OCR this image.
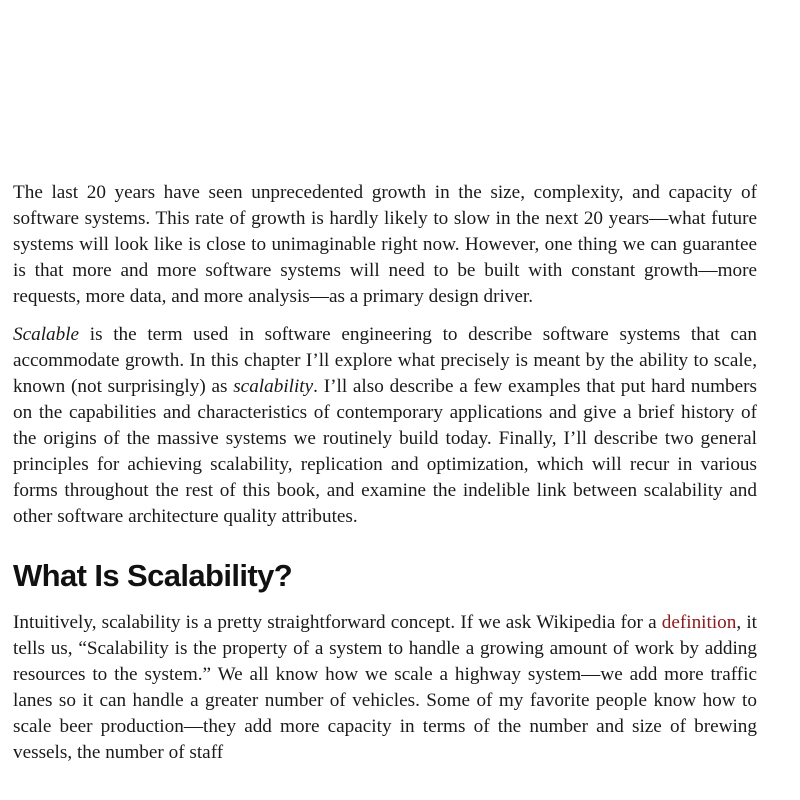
The last 20 years have seen unprecedented growth in the size, complexity, and capacity of software systems. This rate of growth is hardly likely to slow in the next 20 years—what future systems will look like is close to unimaginable right now. However, one thing we can guarantee is that more and more software systems will need to be built with constant growth—more requests, more data, and more analysis—as a primary design driver.

Scalable is the term used in software engineering to describe software systems that can accommodate growth. In this chapter I’ll explore what precisely is meant by the ability to scale, known (not surprisingly) as scalability. I’ll also describe a few examples that put hard numbers on the capabilities and characteristics of contemporary applications and give a brief history of the origins of the massive systems we routinely build today. Finally, I’ll describe two general principles for achieving scalability, replication and optimization, which will recur in various forms throughout the rest of this book, and examine the indelible link between scalability and other software architecture quality attributes.

What Is Scalability?

Intuitively, scalability is a pretty straightforward concept. If we ask Wikipedia for a definition, it tells us, “Scalability is the property of a system to handle a growing amount of work by adding resources to the system.” We all know how we scale a highway system—we add more traffic lanes so it can handle a greater number of vehicles. Some of my favorite people know how to scale beer production—they add more capacity in terms of the number and size of brewing vessels, the number of staff
